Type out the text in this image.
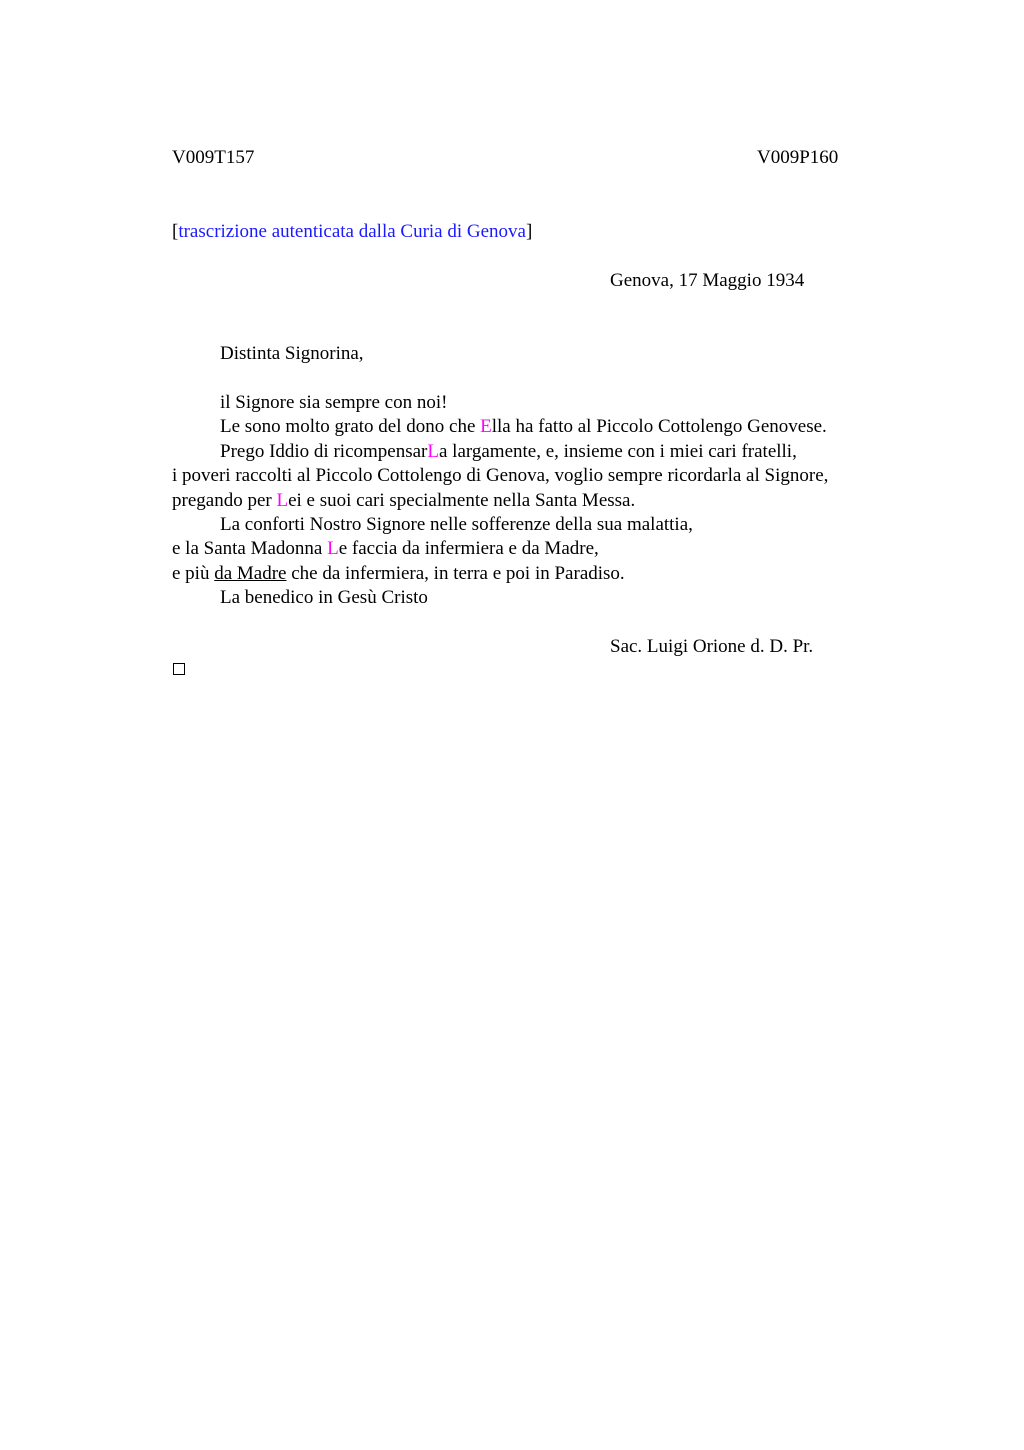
V009T157	V009P160
[trascrizione autenticata dalla Curia di Genova]
Genova, 17 Maggio 1934
Distinta Signorina,
il Signore sia sempre con noi!
Le sono molto grato del dono che Ella ha fatto al Piccolo Cottolengo Genovese.
Prego Iddio di ricompensarLa largamente, e, insieme con i miei cari fratelli,
i poveri raccolti al Piccolo Cottolengo di Genova, voglio sempre ricordarla al Signore,
pregando per Lei e suoi cari specialmente nella Santa Messa.
La conforti Nostro Signore nelle sofferenze della sua malattia,
e la Santa Madonna Le faccia da infermiera e da Madre,
e più da Madre che da infermiera, in terra e poi in Paradiso.
La benedico in Gesù Cristo
Sac. Luigi Orione d. D. Pr.
